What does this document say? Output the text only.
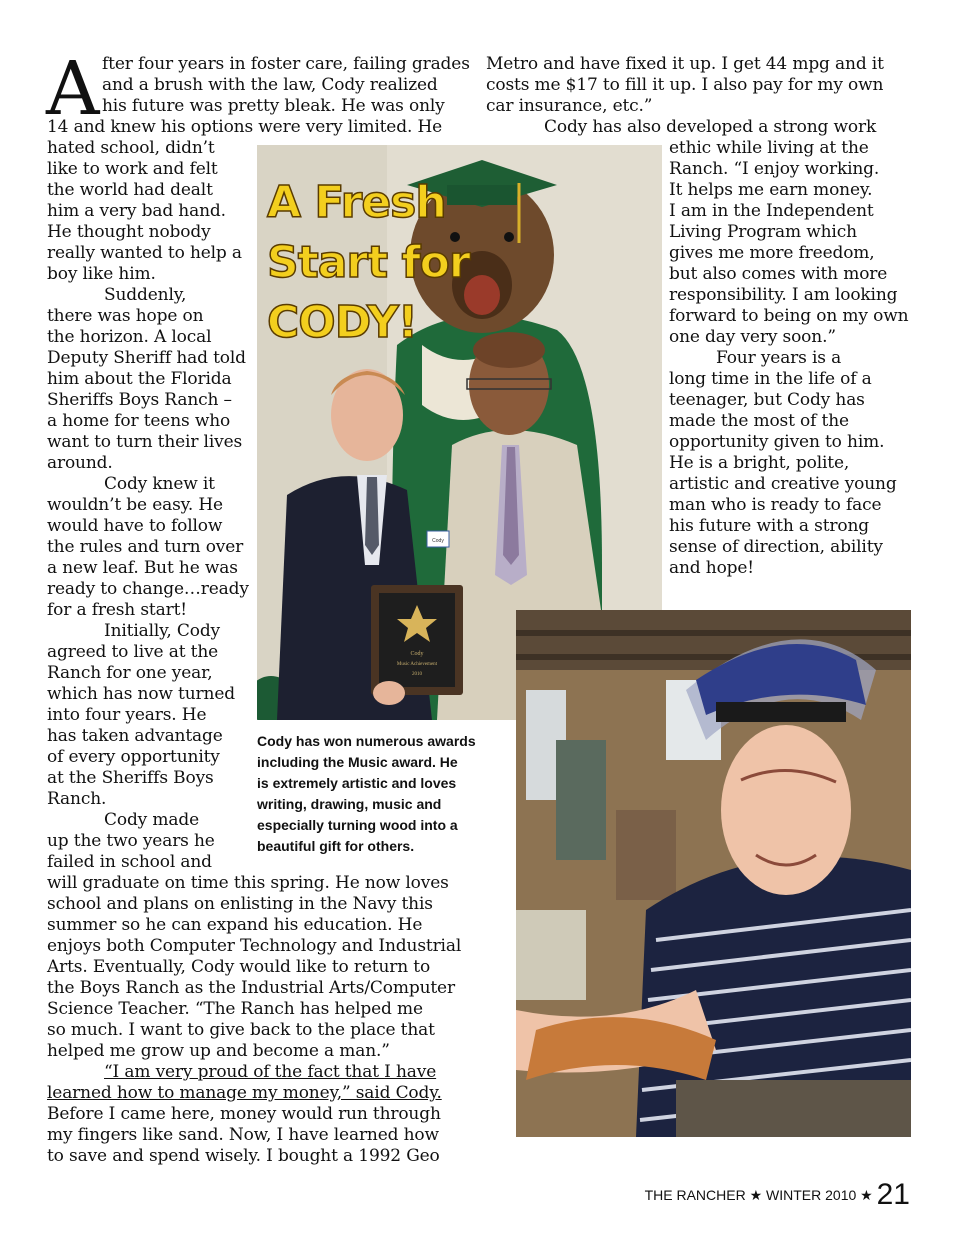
A fter four years in foster care, failing grades
and a brush with the law, Cody realized
his future was pretty bleak. He was only
14 and knew his options were very limited. He
hated school, didn’t
like to work and felt
the world had dealt
him a very bad hand.
He thought nobody
really wanted to help a
boy like him.
Suddenly,
there was hope on
the horizon. A local
Deputy Sheriff had told
him about the Florida
Sheriffs Boys Ranch –
a home for teens who
want to turn their lives
around.
Cody knew it
wouldn’t be easy. He
would have to follow
the rules and turn over
a new leaf. But he was
ready to change…ready
for a fresh start!
Initially, Cody
agreed to live at the
Ranch for one year,
which has now turned
into four years. He
has taken advantage
of every opportunity
at the Sheriffs Boys
Ranch.
Cody made
up the two years he
failed in school and
will graduate on time this spring. He now loves
school and plans on enlisting in the Navy this
summer so he can expand his education. He
enjoys both Computer Technology and Industrial
Arts. Eventually, Cody would like to return to
the Boys Ranch as the Industrial Arts/Computer
Science Teacher. “The Ranch has helped me
so much. I want to give back to the place that
helped me grow up and become a man.”
“I am very proud of the fact that I have
learned how to manage my money,” said Cody.
Before I came here, money would run through
my fingers like sand. Now, I have learned how
to save and spend wisely. I bought a 1992 Geo
Metro and have fixed it up. I get 44 mpg and it
costs me $17 to fill it up. I also pay for my own
car insurance, etc.”
Cody has also developed a strong work
ethic while living at the
Ranch. “I enjoy working.
It helps me earn money.
I am in the Independent
Living Program which
gives me more freedom,
but also comes with more
responsibility. I am looking
forward to being on my own
one day very soon.”
Four years is a
long time in the life of a
teenager, but Cody has
made the most of the
opportunity given to him.
He is a bright, polite,
artistic and creative young
man who is ready to face
his future with a strong
sense of direction, ability
and hope!
Cody
Cody
Music Achievement
2010
A Fresh
Start for
CODY!
Cody has won numerous awards
including the Music award. He
is extremely artistic and loves
writing, drawing, music and
especially turning wood into a
beautiful gift for others.
THE RANCHER ★ WINTER 2010 ★ 21
